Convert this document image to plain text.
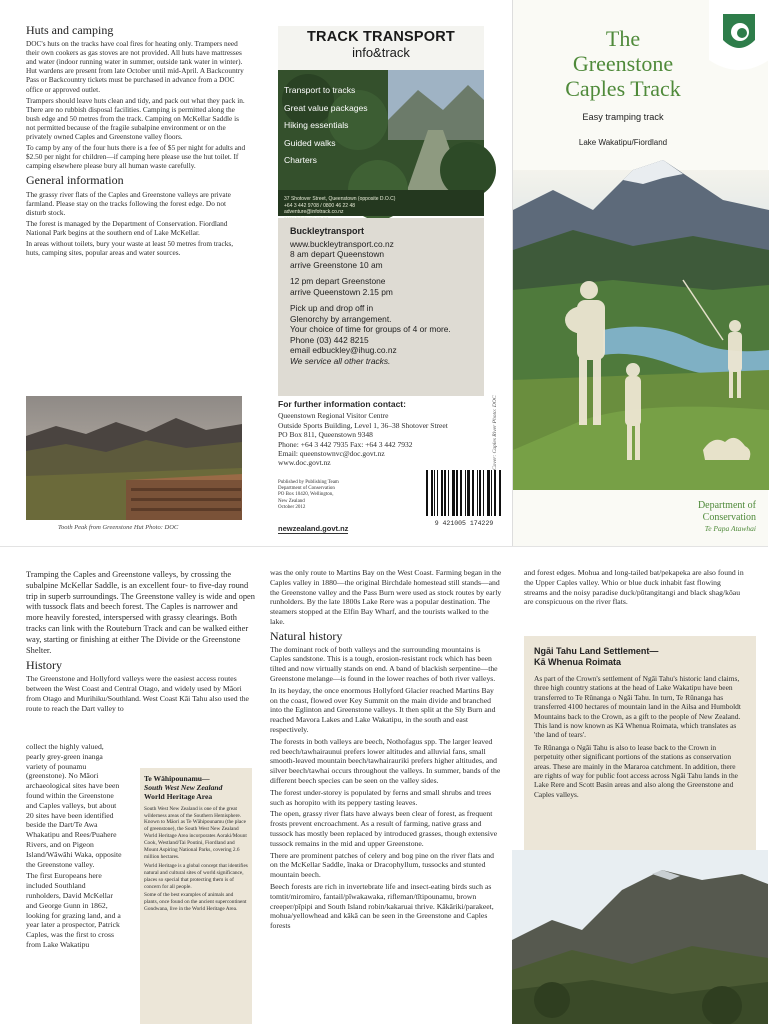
Huts and camping

DOC's huts on the tracks have coal fires for heating only. Trampers need their own cookers as gas stoves are not provided. All huts have mattresses and water (indoor running water in summer, outside tank water in winter). Hut wardens are present from late October until mid-April. A Backcountry Pass or Backcountry tickets must be purchased in advance from a DOC office or approved outlet.

Trampers should leave huts clean and tidy, and pack out what they pack in. There are no rubbish disposal facilities. Camping is permitted along the bush edge and 50 metres from the track. Camping on McKellar Saddle is not permitted because of the fragile subalpine environment or on the privately owned Caples and Greenstone valley floors.

To camp by any of the four huts there is a fee of $5 per night for adults and $2.50 per night for children—if camping here please use the hut toilet. If camping elsewhere please bury all human waste carefully.

General information

The grassy river flats of the Caples and Greenstone valleys are private farmland. Please stay on the tracks following the forest edge. Do not disturb stock.

The forest is managed by the Department of Conservation. Fiordland National Park begins at the southern end of Lake McKellar.

In areas without toilets, bury your waste at least 50 metres from tracks, huts, camping sites, popular areas and water sources.

Tooth Peak from Greenstone Hut Photo: DOC
TRACK TRANSPORT
info&track
Transport to tracks
Great value packages
Hiking essentials
Guided walks
Charters
37 Shotover Street, Queenstown (opposite D.O.C)
+64 3 442 9708 / 0800 46 22 48
adventure@infotrack.co.nz
Buckleytransport
www.buckleytransport.co.nz
8 am depart Queenstown
arrive Greenstone 10 am
12 pm depart Greenstone
arrive Queenstown 2.15 pm
Pick up and drop off in
Glenorchy by arrangement.
Your choice of time for groups of 4 or more.
Phone (03) 442 8215
email edbuckley@ihug.co.nz
We service all other tracks.
For further information contact:
Queenstown Regional Visitor Centre
Outside Sports Building, Level 1, 36–38 Shotover Street
PO Box 811, Queenstown 9348
Phone: +64 3 442 7935 Fax: +64 3 442 7932
Email: queenstownvc@doc.govt.nz
www.doc.govt.nz
Published by Publishing Team
Department of Conservation
PO Box 10420, Wellington,
New Zealand
October 2012
newzealand.govt.nz
9 421005 174229
Cover: Caples River Photo: DOC
The
Greenstone
Caples Track
Easy tramping track
Lake Wakatipu/Fiordland
Department of
Conservation
Te Papa Atawhai

Tramping the Caples and Greenstone valleys, by crossing the subalpine McKellar Saddle, is an excellent four- to five-day round trip in superb surroundings. The Greenstone valley is wide and open with tussock flats and beech forest. The Caples is narrower and more heavily forested, interspersed with grassy clearings. Both tracks can link with the Routeburn Track and can be walked either way, starting or finishing at either The Divide or the Greenstone Shelter.

History

The Greenstone and Hollyford valleys were the easiest access routes between the West Coast and Central Otago, and widely used by Māori from Otago and Murihiku/Southland. West Coast Kāi Tahu also used the route to reach the Dart valley to

collect the highly valued, pearly grey-green inanga variety of pounamu (greenstone). No Māori archaeological sites have been found within the Greenstone and Caples valleys, but about 20 sites have been identified beside the Dart/Te Awa Whakatipu and Rees/Puahere Rivers, and on Pigeon Island/Wāwāhi Waka, opposite the Greenstone valley.

The first Europeans here included Southland runholders, David McKellar and George Gunn in 1862, looking for grazing land, and a year later a prospector, Patrick Caples, was the first to cross from Lake Wakatipu

Te Wāhipounamu—
South West New Zealand
World Heritage Area

South West New Zealand is one of the great wilderness areas of the Southern Hemisphere. Known to Māori as Te Wāhipounamu (the place of greenstone), the South West New Zealand World Heritage Area incorporates Aoraki/Mount Cook, Westland/Tai Poutini, Fiordland and Mount Aspiring National Parks, covering 2.6 million hectares.

World Heritage is a global concept that identifies natural and cultural sites of world significance, places so special that protecting them is of concern for all people.

Some of the best examples of animals and plants, once found on the ancient supercontinent Gondwana, live in the World Heritage Area.

was the only route to Martins Bay on the West Coast. Farming began in the Caples valley in 1880—the original Birchdale homestead still stands—and the Greenstone valley and the Pass Burn were used as stock routes by early runholders. By the late 1800s Lake Rere was a popular destination. The steamers stopped at the Elfin Bay Wharf, and the tourists walked to the lake.

Natural history

The dominant rock of both valleys and the surrounding mountains is Caples sandstone. This is a tough, erosion-resistant rock which has been tilted and now virtually stands on end. A band of blackish serpentine—the Greenstone melange—is found in the lower reaches of both river valleys.

In its heyday, the once enormous Hollyford Glacier reached Martins Bay on the coast, flowed over Key Summit on the main divide and branched into the Eglinton and Greenstone valleys. It then split at the Sly Burn and reached Mavora Lakes and Lake Wakatipu, in the south and east respectively.

The forests in both valleys are beech, Nothofagus spp. The larger leaved red beech/tawhairaunui prefers lower altitudes and alluvial fans, small smooth-leaved mountain beech/tawhairauriki prefers higher altitudes, and silver beech/tawhai occurs throughout the valleys. In summer, bands of the different beech species can be seen on the valley sides.

The forest under-storey is populated by ferns and small shrubs and trees such as horopito with its peppery tasting leaves.

The open, grassy river flats have always been clear of forest, as frequent frosts prevent encroachment. As a result of farming, native grass and tussock has mostly been replaced by introduced grasses, though extensive tussock remains in the mid and upper Greenstone.

There are prominent patches of celery and bog pine on the river flats and on the McKellar Saddle, īnaka or Dracophyllum, tussocks and stunted mountain beech.

Beech forests are rich in invertebrate life and insect-eating birds such as tomtit/miromiro, fantail/pīwakawaka, rifleman/tītipounamu, brown creeper/pīpipi and South Island robin/kakaruai thrive. Kākāriki/parakeet, mohua/yellowhead and kākā can be seen in the Greenstone and Caples forests

and forest edges. Mohua and long-tailed bat/pekapeka are also found in the Upper Caples valley. Whio or blue duck inhabit fast flowing streams and the noisy paradise duck/pūtangitangi and black shag/kōau are conspicuous on the river flats.

Ngāi Tahu Land Settlement—
Kā Whenua Roimata

As part of the Crown's settlement of Ngāi Tahu's historic land claims, three high country stations at the head of Lake Wakatipu have been transferred to Te Rūnanga o Ngāi Tahu. In turn, Te Rūnanga has transferred 4100 hectares of mountain land in the Ailsa and Humboldt Mountains back to the Crown, as a gift to the people of New Zealand. This land is now known as Kā Whenua Roimata, which translates as 'the land of tears'.

Te Rūnanga o Ngāi Tahu is also to lease back to the Crown in perpetuity other significant portions of the stations as conservation areas. These are mainly in the Mararoa catchment. In addition, there are rights of way for public foot access across Ngāi Tahu lands in the Lake Rere and Scott Basin areas and also along the Greenstone and Caples valleys.
